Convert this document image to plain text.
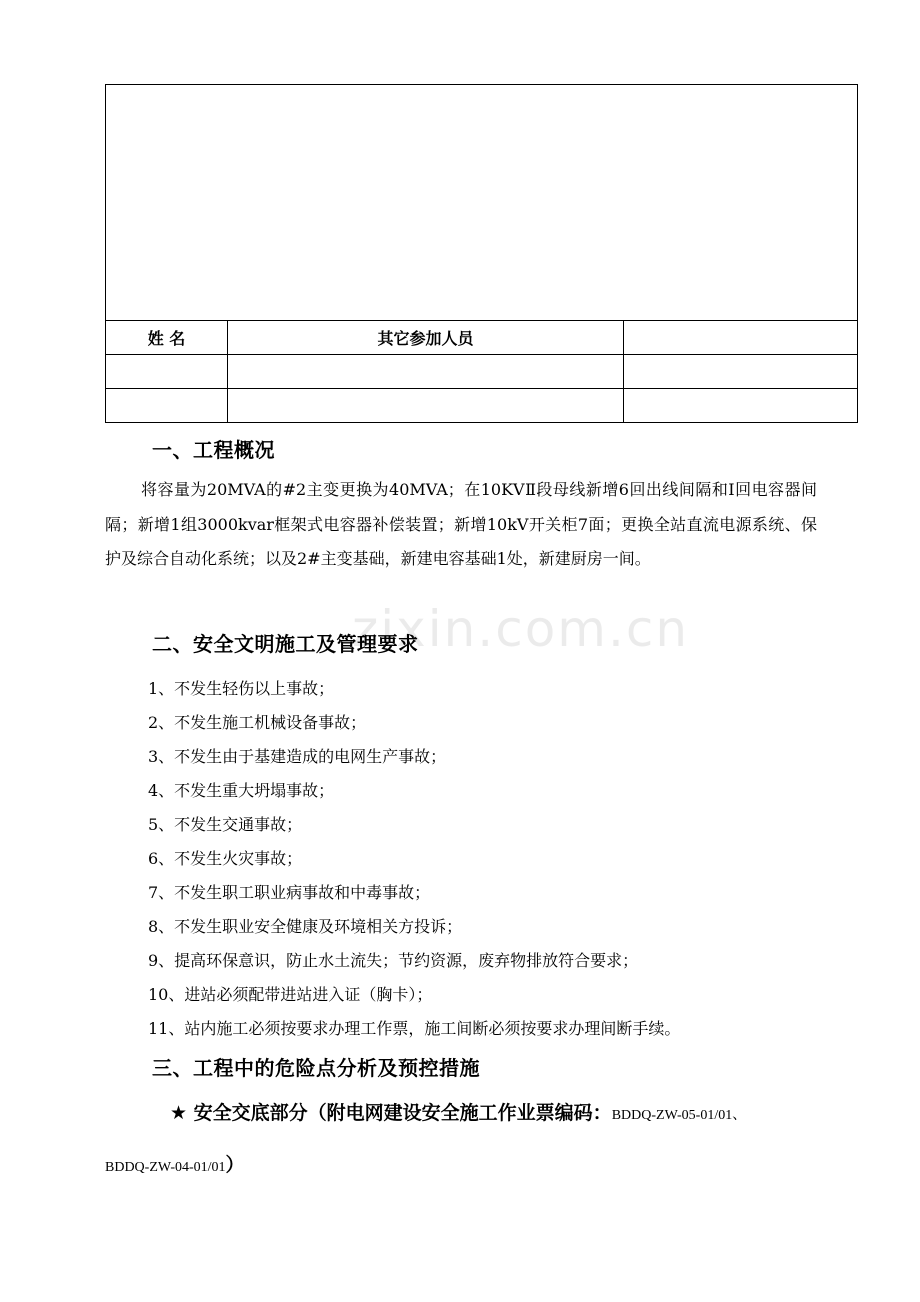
姓 名	其它参加人员	

zixin.com.cn
一、工程概况

将容量为20MVA的#2主变更换为40MVA；在10KVⅡ段母线新增6回出线间隔和Ⅰ回电容器间隔；新增1组3000kvar框架式电容器补偿装置；新增10kV开关柜7面；更换全站直流电源系统、保护及综合自动化系统；以及2#主变基础，新建电容基础1处，新建厨房一间。

二、安全文明施工及管理要求

1、不发生轻伤以上事故；

2、不发生施工机械设备事故；

3、不发生由于基建造成的电网生产事故；

4、不发生重大坍塌事故；

5、不发生交通事故；

6、不发生火灾事故；

7、不发生职工职业病事故和中毒事故；

8、不发生职业安全健康及环境相关方投诉；

9、提高环保意识，防止水土流失；节约资源，废弃物排放符合要求；

10、进站必须配带进站进入证（胸卡）；

11、站内施工必须按要求办理工作票，施工间断必须按要求办理间断手续。

三、工程中的危险点分析及预控措施
★ 安全交底部分（附电网建设安全施工作业票编码：BDDQ-ZW-05-01/01、
BDDQ-ZW-04-01/01）
